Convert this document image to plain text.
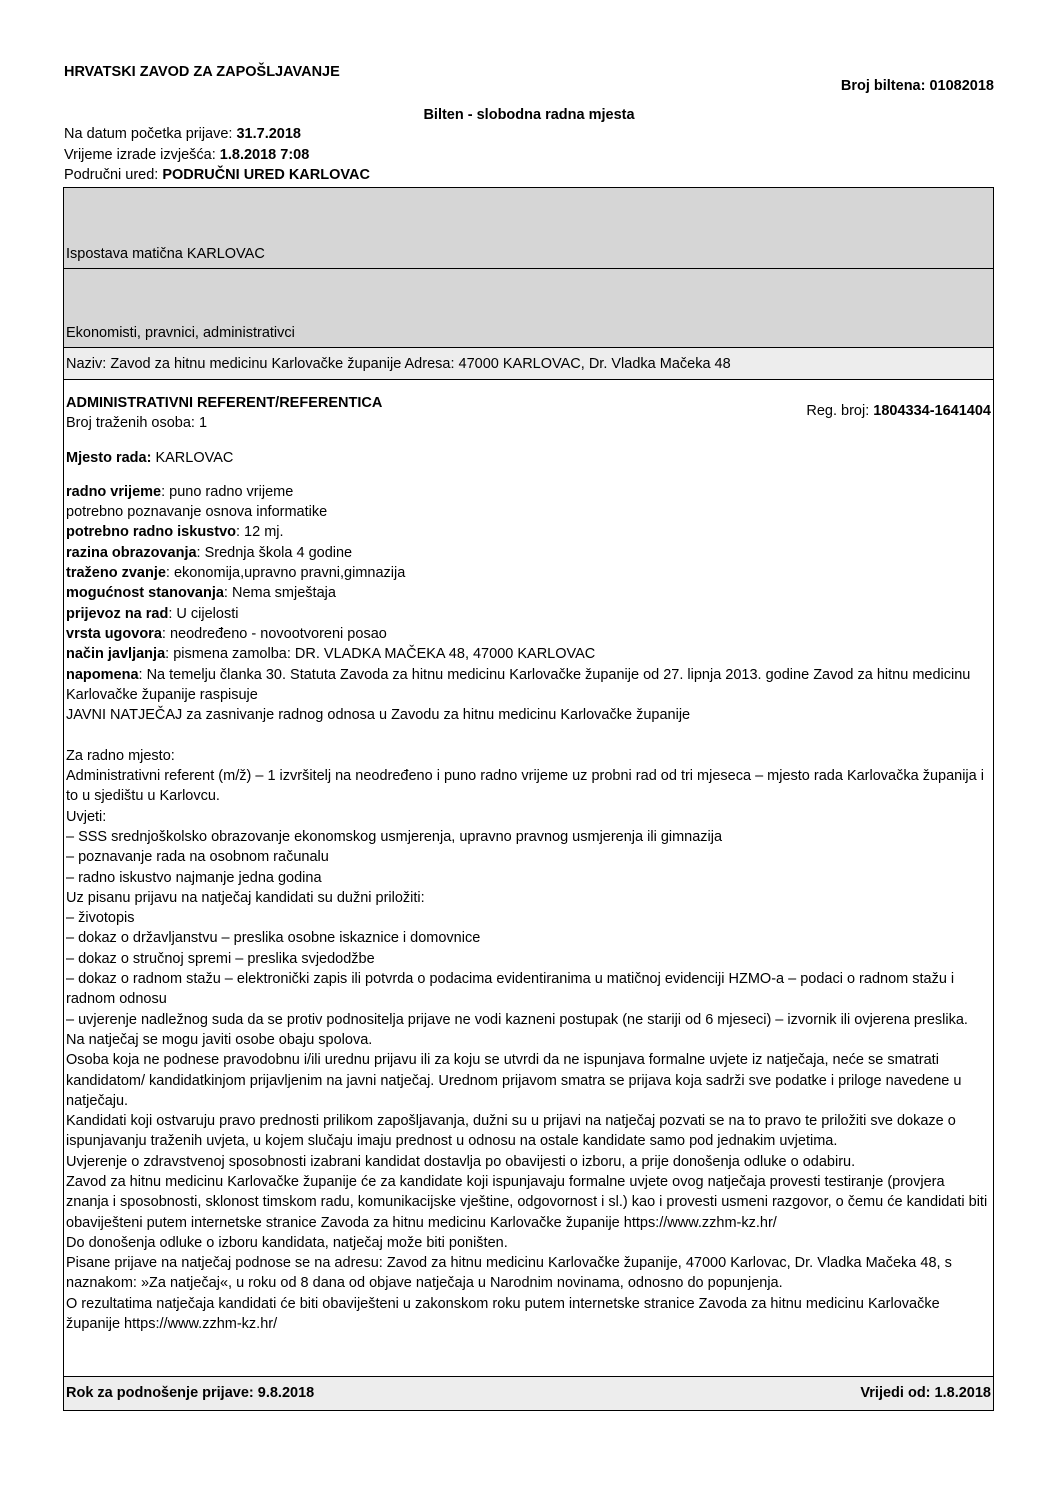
HRVATSKI ZAVOD ZA ZAPOŠLJAVANJE
Broj biltena: 01082018
Bilten - slobodna radna mjesta
Na datum početka prijave: 31.7.2018
Vrijeme izrade izvješća: 1.8.2018 7:08
Područni ured: PODRUČNI URED KARLOVAC
Ispostava matična KARLOVAC
Ekonomisti, pravnici, administrativci
Naziv: Zavod za hitnu medicinu Karlovačke županije Adresa: 47000 KARLOVAC, Dr. Vladka Mačeka 48
Reg. broj: 1804334-1641404

ADMINISTRATIVNI REFERENT/REFERENTICA

Broj traženih osoba: 1

Mjesto rada: KARLOVAC

radno vrijeme: puno radno vrijeme

potrebno poznavanje osnova informatike

potrebno radno iskustvo: 12 mj.

razina obrazovanja: Srednja škola 4 godine

traženo zvanje: ekonomija,upravno pravni,gimnazija

mogućnost stanovanja: Nema smještaja

prijevoz na rad: U cijelosti

vrsta ugovora: neodređeno - novootvoreni posao

način javljanja: pismena zamolba: DR. VLADKA MAČEKA 48, 47000 KARLOVAC

napomena: Na temelju članka 30. Statuta Zavoda za hitnu medicinu Karlovačke županije od 27. lipnja 2013. godine Zavod za hitnu medicinu Karlovačke županije raspisuje

JAVNI NATJEČAJ za zasnivanje radnog odnosa u Zavodu za hitnu medicinu Karlovačke županije

Za radno mjesto:

Administrativni referent (m/ž) – 1 izvršitelj na neodređeno i puno radno vrijeme uz probni rad od tri mjeseca – mjesto rada Karlovačka županija i to u sjedištu u Karlovcu.

Uvjeti:

– SSS srednjoškolsko obrazovanje ekonomskog usmjerenja, upravno pravnog usmjerenja ili gimnazija

– poznavanje rada na osobnom računalu

– radno iskustvo najmanje jedna godina

Uz pisanu prijavu na natječaj kandidati su dužni priložiti:

– životopis

– dokaz o državljanstvu – preslika osobne iskaznice i domovnice

– dokaz o stručnoj spremi – preslika svjedodžbe

– dokaz o radnom stažu – elektronički zapis ili potvrda o podacima evidentiranima u matičnoj evidenciji HZMO-a – podaci o radnom stažu i radnom odnosu

– uvjerenje nadležnog suda da se protiv podnositelja prijave ne vodi kazneni postupak (ne stariji od 6 mjeseci) – izvornik ili ovjerena preslika.

Na natječaj se mogu javiti osobe obaju spolova.

Osoba koja ne podnese pravodobnu i/ili urednu prijavu ili za koju se utvrdi da ne ispunjava formalne uvjete iz natječaja, neće se smatrati kandidatom/ kandidatkinjom prijavljenim na javni natječaj. Urednom prijavom smatra se prijava koja sadrži sve podatke i priloge navedene u natječaju.

Kandidati koji ostvaruju pravo prednosti prilikom zapošljavanja, dužni su u prijavi na natječaj pozvati se na to pravo te priložiti sve dokaze o ispunjavanju traženih uvjeta, u kojem slučaju imaju prednost u odnosu na ostale kandidate samo pod jednakim uvjetima.

Uvjerenje o zdravstvenoj sposobnosti izabrani kandidat dostavlja po obavijesti o izboru, a prije donošenja odluke o odabiru.

Zavod za hitnu medicinu Karlovačke županije će za kandidate koji ispunjavaju formalne uvjete ovog natječaja provesti testiranje (provjera znanja i sposobnosti, sklonost timskom radu, komunikacijske vještine, odgovornost i sl.) kao i provesti usmeni razgovor, o čemu će kandidati biti obaviješteni putem internetske stranice Zavoda za hitnu medicinu Karlovačke županije https://www.zzhm-kz.hr/

Do donošenja odluke o izboru kandidata, natječaj može biti poništen.

Pisane prijave na natječaj podnose se na adresu: Zavod za hitnu medicinu Karlovačke županije, 47000 Karlovac, Dr. Vladka Mačeka 48, s naznakom: »Za natječaj«, u roku od 8 dana od objave natječaja u Narodnim novinama, odnosno do popunjenja.

O rezultatima natječaja kandidati će biti obaviješteni u zakonskom roku putem internetske stranice Zavoda za hitnu medicinu Karlovačke županije https://www.zzhm-kz.hr/

Rok za podnošenje prijave: 9.8.2018	Vrijedi od: 1.8.2018
